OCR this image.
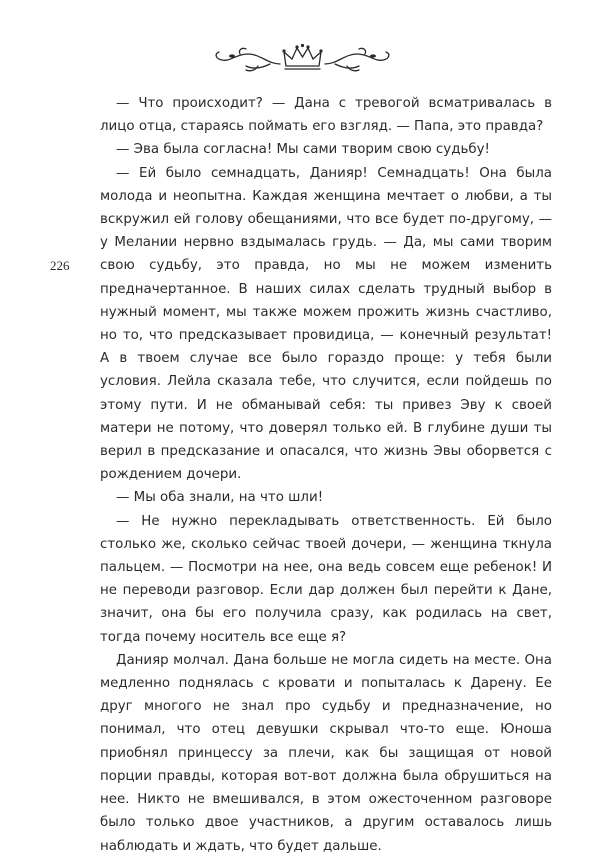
226

— Что происходит? — Дана с тревогой всматривалась в лицо отца, стараясь поймать его взгляд. — Папа, это правда?

— Эва была согласна! Мы сами творим свою судьбу!

— Ей было семнадцать, Данияр! Семнадцать! Она была молода и неопытна. Каждая женщина мечтает о любви, а ты вскружил ей голову обещаниями, что все будет по-другому, — у Мелании нервно вздымалась грудь. — Да, мы сами творим свою судьбу, это правда, но мы не можем изменить предначертанное. В наших силах сделать трудный выбор в нужный момент, мы также можем прожить жизнь счастливо, но то, что предсказывает провидица, — конечный результат! А в твоем случае все было гораздо проще: у тебя были условия. Лейла сказала тебе, что случится, если пойдешь по этому пути. И не обманывай себя: ты привез Эву к своей матери не потому, что доверял только ей. В глубине души ты верил в предсказание и опасался, что жизнь Эвы оборвется с рождением дочери.

— Мы оба знали, на что шли!

— Не нужно перекладывать ответственность. Ей было столько же, сколько сейчас твоей дочери, — женщина ткнула пальцем. — Посмотри на нее, она ведь совсем еще ребенок! И не переводи разговор. Если дар должен был перейти к Дане, значит, она бы его получила сразу, как родилась на свет, тогда почему носитель все еще я?

Данияр молчал. Дана больше не могла сидеть на месте. Она медленно поднялась с кровати и попыталась к Дарену. Ее друг многого не знал про судьбу и предназначение, но понимал, что отец девушки скрывал что-то еще. Юноша приобнял принцессу за плечи, как бы защищая от новой порции правды, которая вот-вот должна была обрушиться на нее. Никто не вмешивался, в этом ожесточенном разговоре было только двое участников, а другим оставалось лишь наблюдать и ждать, что будет дальше.
